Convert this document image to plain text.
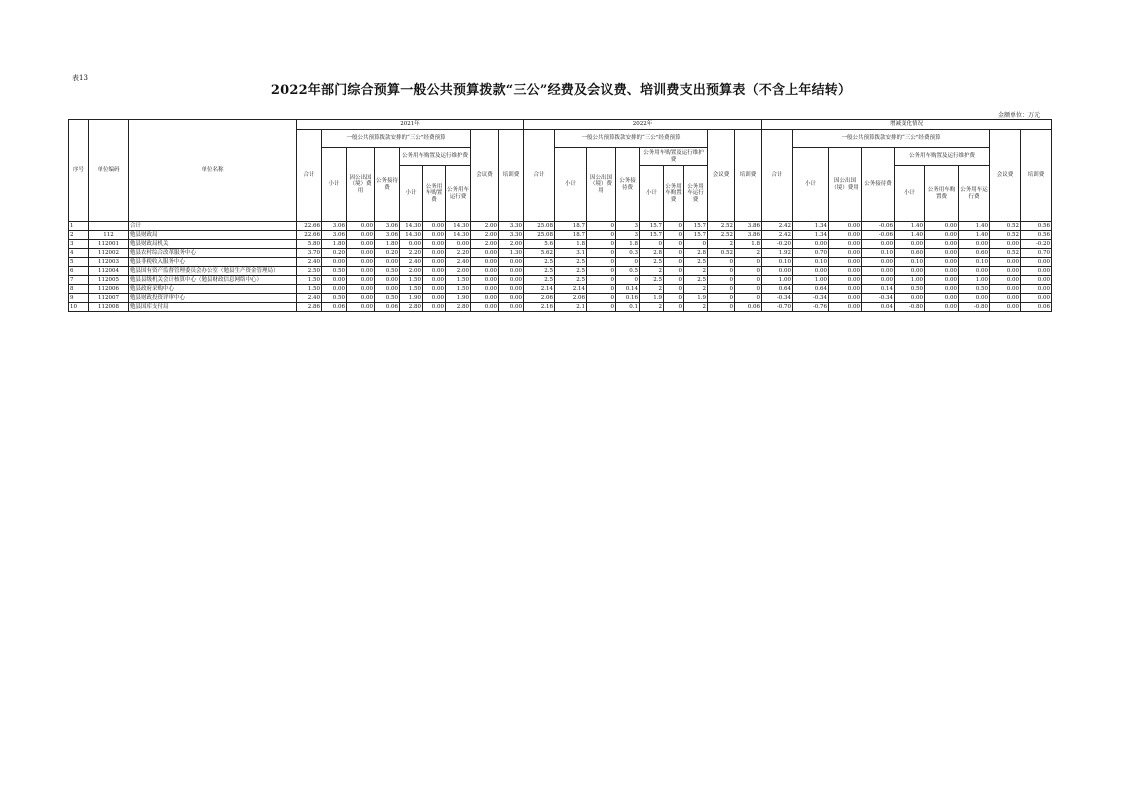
表13
2022年部门综合预算一般公共预算拨款“三公”经费及会议费、培训费支出预算表（不含上年结转）
金额单位：万元
序号	单位编码	单位名称	2021年									2022年									增减变化情况								
			合计	一般公共预算拨款安排的“三公”经费预算						会议费	培训费	合计	一般公共预算拨款安排的“三公”经费预算						会议费	培训费	合计	一般公共预算拨款安排的“三公”经费预算						会议费	培训费
				小计	因公出国（境）费用	公务接待费	公务用车购置及运行维护费						小计	因公出国（境）费用	公务接待费	公务用车购置及运行维护费						小计	因公出国（境）费用	公务接待费	公务用车购置及运行维护费				
							小计	公务用车购置费	公务用车运行费							小计	公务用车购置费	公务用车运行费							小计	公务用车购置费	公务用车运行费		
1		合计	22.66	3.06	0.00	3.06	14.30	0.00	14.30	2.00	3.30	25.08	18.7	0	3	15.7	0	15.7	2.52	3.86	2.42	1.34	0.00	-0.06	1.40	0.00	1.40	0.52	0.56
2	112	勉县财政局	22.66	3.06	0.00	3.06	14.30	0.00	14.30	2.00	3.30	25.08	18.7	0	3	15.7	0	15.7	2.52	3.86	2.42	1.34	0.00	-0.06	1.40	0.00	1.40	0.52	0.56
3	112001	勉县财政局机关	5.80	1.80	0.00	1.80	0.00	0.00	0.00	2.00	2.00	5.6	1.8	0	1.8	0	0	0	2	1.8	-0.20	0.00	0.00	0.00	0.00	0.00	0.00	0.00	-0.20
4	112002	勉县农村综合改革服务中心	3.70	0.20	0.00	0.20	2.20	0.00	2.20	0.00	1.30	5.62	3.1	0	0.3	2.8	0	2.8	0.52	2	1.92	0.70	0.00	0.10	0.60	0.00	0.60	0.52	0.70
5	112003	勉县非税收入服务中心	2.40	0.00	0.00	0.00	2.40	0.00	2.40	0.00	0.00	2.5	2.5	0	0	2.5	0	2.5	0	0	0.10	0.10	0.00	0.00	0.10	0.00	0.10	0.00	0.00
6	112004	勉县国有资产监督管理委员会办公室（勉县生产资金管理局）	2.50	0.50	0.00	0.50	2.00	0.00	2.00	0.00	0.00	2.5	2.5	0	0.5	2	0	2	0	0	0.00	0.00	0.00	0.00	0.00	0.00	0.00	0.00	0.00
7	112005	勉县县级机关会计核算中心（勉县财政信息网络中心）	1.50	0.00	0.00	0.00	1.50	0.00	1.50	0.00	0.00	2.5	2.5	0	0	2.5	0	2.5	0	0	1.00	1.00	0.00	0.00	1.00	0.00	1.00	0.00	0.00
8	112006	勉县政府采购中心	1.50	0.00	0.00	0.00	1.50	0.00	1.50	0.00	0.00	2.14	2.14	0	0.14	2	0	2	0	0	0.64	0.64	0.00	0.14	0.50	0.00	0.50	0.00	0.00
9	112007	勉县财政投资评审中心	2.40	0.50	0.00	0.50	1.90	0.00	1.90	0.00	0.00	2.06	2.06	0	0.16	1.9	0	1.9	0	0	-0.34	-0.34	0.00	-0.34	0.00	0.00	0.00	0.00	0.00
10	112008	勉县国库支付局	2.86	0.06	0.00	0.06	2.80	0.00	2.80	0.00	0.00	2.16	2.1	0	0.1	2	0	2	0	0.06	-0.70	-0.76	0.00	0.04	-0.80	0.00	-0.80	0.00	0.06
